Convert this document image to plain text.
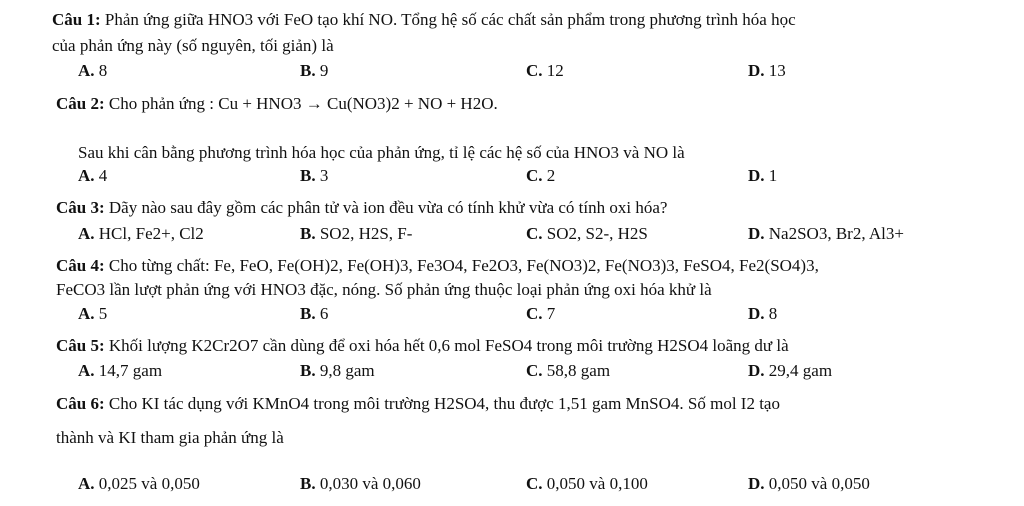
Câu 1: Phản ứng giữa HNO3 với FeO tạo khí NO. Tổng hệ số các chất sản phẩm trong phương trình hóa học
của phản ứng này (số nguyên, tối giản) là
A. 8	B. 9	C. 12	D. 13
Câu 2: Cho phản ứng : Cu + HNO3 → Cu(NO3)2 + NO + H2O.
Sau khi cân bằng phương trình hóa học của phản ứng, tỉ lệ các hệ số của HNO3 và NO là
A. 4	B. 3	C. 2	D. 1
Câu 3: Dãy nào sau đây gồm các phân tử và ion đều vừa có tính khử vừa có tính oxi hóa?
A. HCl, Fe2+, Cl2	B. SO2, H2S, F-	C. SO2, S2-, H2S	D. Na2SO3, Br2, Al3+
Câu 4: Cho từng chất: Fe, FeO, Fe(OH)2, Fe(OH)3, Fe3O4, Fe2O3, Fe(NO3)2, Fe(NO3)3, FeSO4, Fe2(SO4)3,
FeCO3 lần lượt phản ứng với HNO3 đặc, nóng. Số phản ứng thuộc loại phản ứng oxi hóa khử là
A. 5	B. 6	C. 7	D. 8
Câu 5: Khối lượng K2Cr2O7 cần dùng để oxi hóa hết 0,6 mol FeSO4 trong môi trường H2SO4 loãng dư là
A. 14,7 gam	B. 9,8 gam	C. 58,8 gam	D. 29,4 gam
Câu 6: Cho KI tác dụng với KMnO4 trong môi trường H2SO4, thu được 1,51 gam MnSO4. Số mol I2 tạo
thành và KI tham gia phản ứng là
A. 0,025 và 0,050	B. 0,030 và 0,060	C. 0,050 và 0,100	D. 0,050 và 0,050
